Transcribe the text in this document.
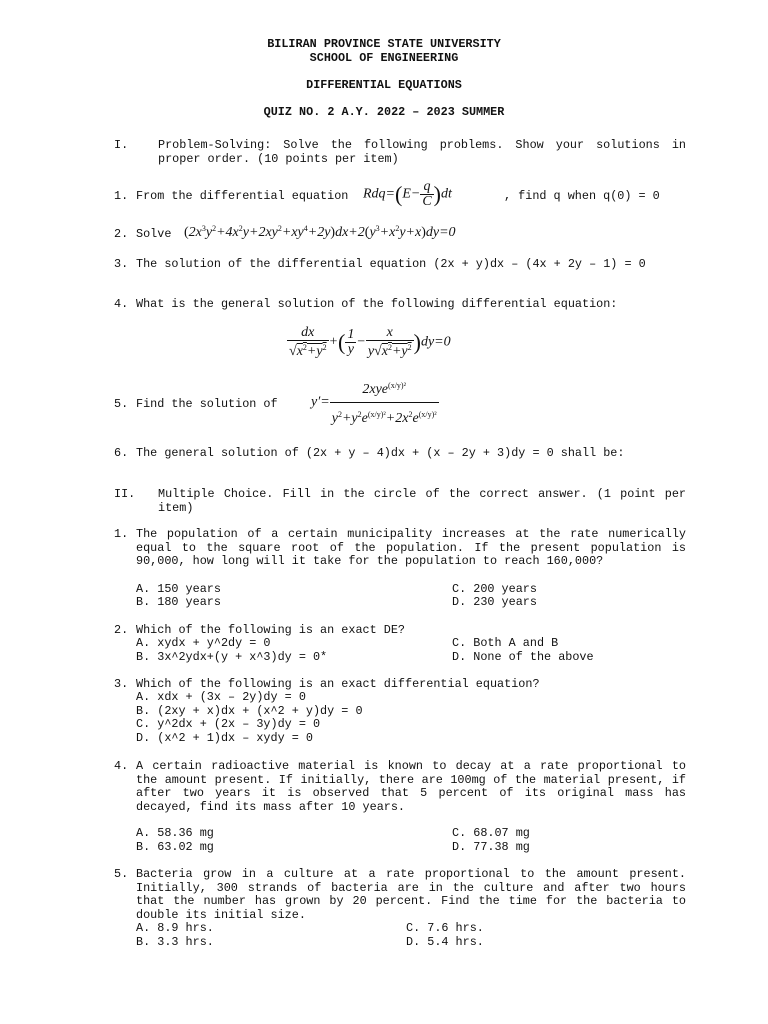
BILIRAN PROVINCE STATE UNIVERSITY
SCHOOL OF ENGINEERING
DIFFERENTIAL EQUATIONS
QUIZ NO. 2 A.Y. 2022 – 2023 SUMMER
I.	Problem-Solving: Solve the following problems. Show your solutions in proper order. (10 points per item)
1. From the differential equation $Rdq=(E- \frac{q}{C} )dt$	, find q when q(0) = 0
2. Solve $(2x^3y^2+4x^2y+2xy^2+xy^4+2y)dx+2(y^3+x^2y+x)dy=0$
3. The solution of the differential equation (2x + y)dx – (4x + 2y – 1) = 0
4. What is the general solution of the following differential equation:
$\frac{dx}{√x^2+y^2}$ +( $\frac{1}{y} - \frac{x}{y√x^2+y^2} )dy=0$
5. Find the solution of $y'= \frac{2xye^{(x/y)^2}}{y^2+y^2e^{(x/y)^2}+2x^2e^{(x/y)^2}}$
6. The general solution of (2x + y – 4)dx + (x – 2y + 3)dy = 0 shall be:
II. Multiple Choice. Fill in the circle of the correct answer. (1 point per item)
1. The population of a certain municipality increases at the rate numerically equal to the square root of the population. If the present population is 90,000, how long will it take for the population to reach 160,000?
A. 150 years
B. 180 years
C. 200 years
D. 230 years
2. Which of the following is an exact DE?
A. xydx + y^2dy = 0
B. 3x^2ydx+(y + x^3)dy = 0*
C. Both A and B
D. None of the above
3. Which of the following is an exact differential equation?
A. xdx + (3x – 2y)dy = 0
B. (2xy + x)dx + (x^2 + y)dy = 0
C. y^2dx + (2x – 3y)dy = 0
D. (x^2 + 1)dx – xydy = 0
4. A certain radioactive material is known to decay at a rate proportional to the amount present. If initially, there are 100mg of the material present, if after two years it is observed that 5 percent of its original mass has decayed, find its mass after 10 years.
A. 58.36 mg
B. 63.02 mg
C. 68.07 mg
D. 77.38 mg
5. Bacteria grow in a culture at a rate proportional to the amount present. Initially, 300 strands of bacteria are in the culture and after two hours that the number has grown by 20 percent. Find the time for the bacteria to double its initial size.
A. 8.9 hrs.
B. 3.3 hrs.
C. 7.6 hrs.
D. 5.4 hrs.
